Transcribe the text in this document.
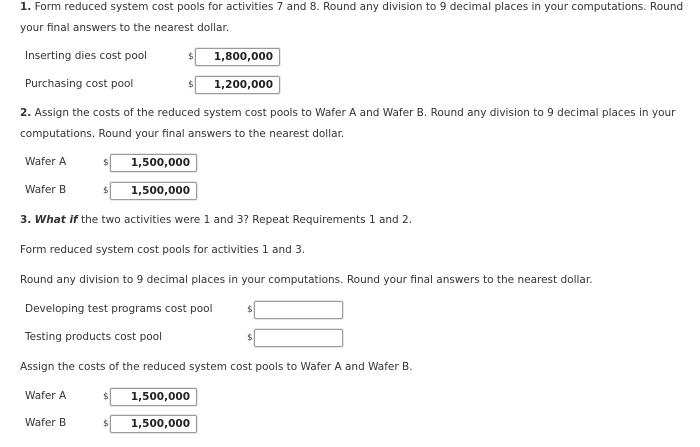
1. Form reduced system cost pools for activities 7 and 8. Round any division to 9 decimal places in your computations. Round your final answers to the nearest dollar.

Inserting dies cost pool	$	1,800,000
Purchasing cost pool	$	1,200,000

2. Assign the costs of the reduced system cost pools to Wafer A and Wafer B. Round any division to 9 decimal places in your computations. Round your final answers to the nearest dollar.

Wafer A	$	1,500,000
Wafer B	$	1,500,000

3. What if the two activities were 1 and 3? Repeat Requirements 1 and 2.

Form reduced system cost pools for activities 1 and 3.

Round any division to 9 decimal places in your computations. Round your final answers to the nearest dollar.

Developing test programs cost pool	$
Testing products cost pool	$

Assign the costs of the reduced system cost pools to Wafer A and Wafer B.

Wafer A	$	1,500,000
Wafer B	$	1,500,000
